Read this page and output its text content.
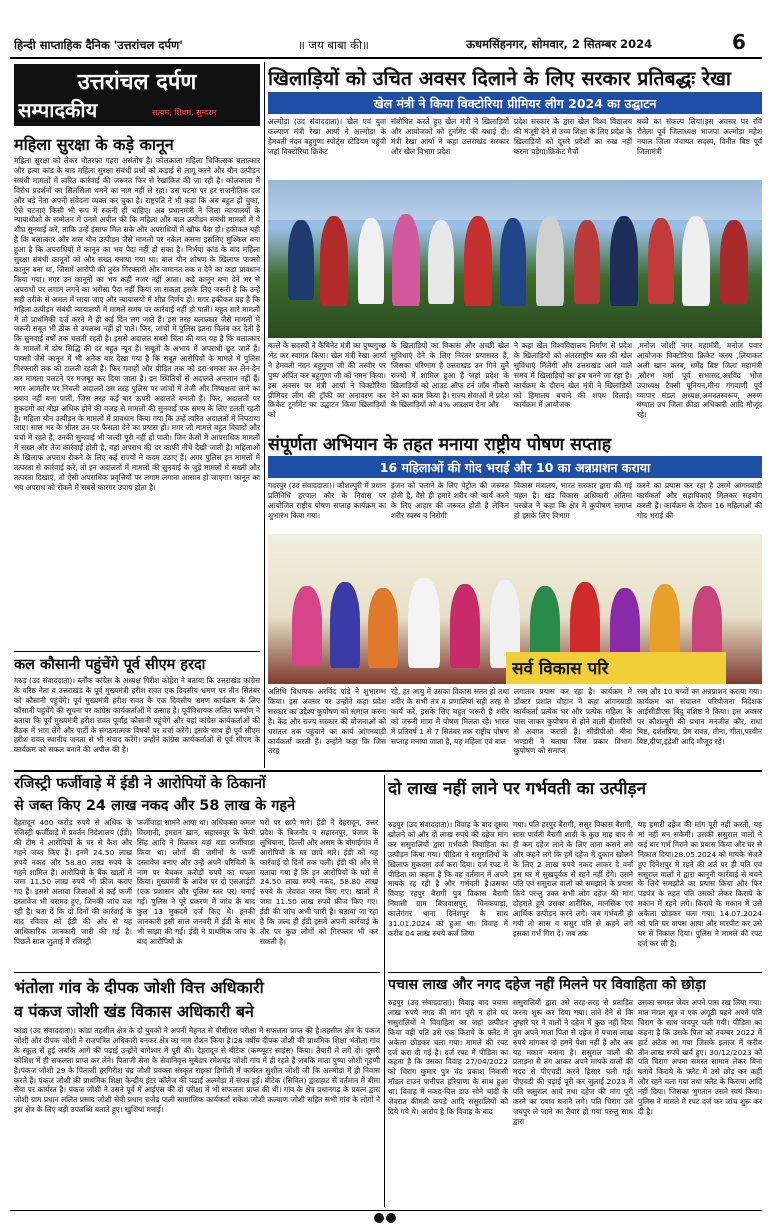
हिन्दी साप्ताहिक दैनिक 'उत्तरांचल दर्पण'	॥ जय बाबा की॥	ऊधमसिंहनगर, सोमवार, 2 सितम्बर 2024	6
उत्तरांचल दर्पण
सम्पादकीय	सत्यम, शिवम, सुन्दरम
महिला सुरक्षा के कड़े कानून
महिला सुरक्षा को लेकर चौतरफा गहरा असंतोष है। कोलकाता महिला चिकित्सक बलात्कार और हत्या कांड के बाद महिला सुरक्षा संबंधी प्रश्नों को कड़ाई से लागू करने और यौन उत्पीड़न संबंधी मामलों में त्वरित कार्रवाई की जरूरत फिर से रेखांकित की जा रही है। कोलकाता में विरोध प्रदर्शनों का सिलसिला थमने का नाम नहीं ले रहा। उस घटना पर हर राजनीतिक दल और बड़े नेता अपनी संवेदना व्यक्त कर चुका है। राष्ट्रपति ने भी कहा कि अब बहुत हो चुका, ऐसे घटनाएं किसी भी रूप में रुकनी ही चाहिए। अब प्रधानमंत्री ने जिला न्यायालयों के न्यायाधीशों के सम्मेलन में उनसे अपील की कि महिला और बाल उत्पीड़न संबंधी मामलों में वे शीघ्र सुनवाई करें, ताकि उन्हें इंसाफ मिल सके और अपराधियों में खौफ पैदा हो। हकीकत यही है कि बलात्कार और बाल यौन उत्पीड़न जैसे मामलों पर नकेल कसना इसलिए मुश्किल बना हुआ है कि अपराधियों में कानून का भय पैदा नहीं हो सका है। निर्भया कांड के बाद महिला सुरक्षा संबंधी कानूनों को और सख्त बनाया गया था। बाल यौन शोषण के खिलाफ पाक्सो कानून बना था, जिसमें आरोपी की तुरंत गिरफ्तारी और जमानत तक न देने का कड़ा प्रावधान किया गया। मगर उन कानूनों का भय कहीं नजर नहीं आता। कड़े कानून बना देने भर से अपराधों पर लगाम लगने का भरोसा पैदा नहीं किया जा सकता इसके लिए जरूरी है कि उन्हें सही तरीके से अमल में लाया जाए और न्यायालयों में शीघ्र निर्णय हो। मगर हकीकत यह है कि महिला उत्पीड़न संबंधी न्यायालयों में मामले समय पर कार्रवाई नहीं हो पाती। बहुत सारे मामलों में तो प्राथमिकी दर्ज करने में ही कई दिन लग जाते हैं। इस तरह बलात्कार जैसे मामलों में जरूरी सबूत भी ठीक से उपलब्ध नहीं हो पाते। फिर, जांचों में पुलिस इतना विलंब कर देती है कि सुनवाई वर्षों तक चलती रहती है। इससे अदालत सबसे चिंता की बात यह है कि बलात्कार के मामलों में दोष सिद्धि की दर बहुत न्यून है। सबूतों के अभाव में अपराधी छूट जाते हैं। पाक्सो जैसे कानून में भी अनेक बार देखा गया है कि सबूत आरोपियों के मामले में पुलिस गिरफ्तारी तक को टालती रहती है। फिर गवाहों और पीड़ित तक को डरा-धमका कर लेन-देन कर मामला पलटने पर मजबूर कर दिया जाता है। इन स्थितियों से अदालतें अनजान नहीं हैं। मगर आमतौर पर निचली अदालतें उस तरह पुलिस पर जांचों में तेजी और निष्पक्षता लाने का दबाव नहीं बना पातीं, जिस तरह कई बार ऊपरी अदालतें बनाती हैं। फिर, अदालतों पर मुकदमों का बोझ अधिक होने की वजह से मामलों की सुनवाई एक समय के लिए टलती रहती है। महिला यौन उत्पीड़न के मामलों में प्रावधान किया गया कि उन्हें त्वरित अदालतों में निपटाया जाए। साल भर के भीतर उन पर फैसला देने का प्रयास हो। मगर जो मामले बहुत विवादों और चर्चा में रहते हैं, उनकी सुनवाई भी जल्दी पूरी नहीं हो पाती। जिन केसों में आपराधिक मामलों में सख्त और तेज कार्रवाई होती है, वहां अपराध की दर काफी नीचे देखी जाती है। महिलाओं के खिलाफ अपराध रोकने के लिए कई राज्यों ने कदम उठाए हैं। अगर पुलिस इन मामलों में तत्परता से कार्रवाई करे, तो इन अदालतों में मामलों की सुनवाई के जुड़े मामलों में सख्ती और तत्परता दिखाएं, तो ऐसी अपराधिक प्रवृत्तियों पर लगाम लगाना आसान हो जाएगा। कानून का भय अपराध को रोकने में सबसे कारगर उपाय होता है।
खिलाड़ियों को उचित अवसर दिलाने के लिए सरकार प्रतिबद्धः रेखा
खेल मंत्री ने किया विक्टोरिया प्रीमियर लीग 2024 का उद्घाटन
अल्मोड़ा (उद संवाददाता)। खेल एवं युवा कल्याण मंत्री रेखा आर्या ने अल्मोड़ा के हेमवती नंदन बहुगुणा स्पोर्ट्स स्टेडियम पहुंची जहां विक्टोरिया क्रिकेट
संबोधित करते हुए खेल मंत्री ने खिलाड़ियों और आयोजकों को टूर्नामेंट की बधाई दी। मंत्री रेखा आर्या ने कहा उत्तराखंड सरकार और खेल विभाग प्रदेश
प्रदेश सरकार के द्वारा खेल विश्व विद्यालय की मंजूरी देने से उच्च शिक्षा के लिए प्रदेश के खिलाड़ियों को दूसरे प्रदेशों का रुख नहीं करना पड़ेगा।क्रिकेट मैचों
बच्चे का संकल्प लिया।इस अवसर पर रवि रौतेला पूर्व जिलाध्यक्ष भाजपा अल्मोड़ा महेश नयाल जिला पंचायत सदस्य, विनीत बिष्ट पूर्व जिलामंत्री
बल्ले के सदस्यों ने कैबिनेट मंत्री का पुष्पगुच्छ भेंट कर स्वागत किया। खेल मंत्री रेखा आर्या ने हेमवती नंदन बहुगुणा जी की तस्वीर पर पुष्प अर्पित कर बहुगुणा जी को नमन किया। इस अवसर पर मंत्री आर्या ने विक्टोरिया प्रीमियर लीग की ट्रॉफी का अनावरण कर क्रिकेट टूर्नामेंट का उद्घाटन किया खिलाड़ियों को
के खिलाड़ियों का विकास और अच्छी खेल सुविधाएं देने के लिए निरंतर प्रयासरत हैं, जिसका परिणाम है उत्तराखंड उन गिने चुने राज्यों में शामिल हुआ है जहां प्रदेश के खिलाड़ियों को आउट ऑफ टर्न जॉब नौकरी देने का काम किया है। राज्य सेवाओं में प्रदेश के खिलाड़ियों को 4% आरक्षण देना और
ने कहा खेल विश्वविद्यालय निर्माण से प्रदेश के खिलाड़ियों को अंतरराष्ट्रीय स्तर की खेल सुविधाएं मिलेंगी और उत्तराखंड आने वाले समय में खिलाड़ियों का हब बनने जा रहा है। कार्यक्रम के दौरान खेल मंत्री ने खिलाड़ियों को हिमालय बचाने की शपथ दिलाई। कार्यक्रम में आयोजक
,मनोज जोशी नगर महामंत्री, मनोज पवार आयोजक विक्टोरिया क्रिकेट क्लब ,लियाकत अली खान क्लब, धर्मेंद्र बिष्ट जिला महामंत्री ,सौरभ वर्मा पूर्व सभासद,अरविंद भोज उपाध्यक्ष टैक्सी यूनियन,मीना गंगवाणी पूर्व व्यापार मंडल अध्यक्ष,अमनतस्वरूप, अरुण बंग्वाल उप जिला क्रीडा अधिकारी आदि मौजूद रहे।
संपूर्णता अभियान के तहत मनाया राष्ट्रीय पोषण सप्ताह
16 महिलाओं की गोद भराई और 10 का अन्नप्राशन कराया
गदरपुर (उद संवाददाता)। कौशल्पुरी में प्रधान प्रतिनिधि हरपाल कौर के निवास पर आयोजित राष्ट्रीय पोषण सप्ताह कार्यक्रम का शुभारंभ किया गया।
इंजन को चलाने के लिए पेट्रोल की जरूरत होती है, वैसे ही हमारे शरीर को कार्य करने के लिए आहार की जरूरत होती है लेकिन शरीर स्वस्थ व निरोगी
विकास मंत्रालय, भारत सरकार द्वारा की गई पहल है। खंड विकास अधिकारी अंतिमा परखेज ने कहा कि क्षेत्र में कुपोषण समाप्त हो इसके लिए विभाग
करने का प्रयास कर रहा है उसमें आंगनबाड़ी कार्यकर्ता और सहायिकाएं मिलकर सहयोग करती हैं। कार्यक्रम के दौरान 16 महिलाओं की गोद भराई की
सर्व विकास परि
अतिथि विधायक अरविंद पांडे ने शुभारम्भ किया। इस अवसर पर उन्होंने कहा प्रदेश सरकार का उद्देश्य कुपोषण को समाप्त करना है। केंद्र और राज्य सरकार की योजनाओं को धरातल तक पहुंचाने का कार्य आंगनबाड़ी कार्यकर्ता करती हैं। उन्होंने कहा कि जिस तरह
रहे, हर आयु में उसका विकास सतत हो तथा शरीर के सभी तंत्र व प्रणालियां सही तरह से कार्य करें, इसके लिए बहुत जरूरी है शरीर को जरूरी मात्रा में पोषण मिलता रहे। भारत में प्रतिवर्ष 1 से 7 सितंबर तक राष्ट्रीय पोषण सप्ताह मनाया जाता है, यह महिला एवं बाल
लगातार प्रयास कर रहा है। कार्यक्रम में डॉक्टर प्रशांत चौहान ने कहा आंगनबाड़ी कार्यकर्ता प्रत्येक घर और प्रत्येक महिला के पास जाकर कुपोषण से होने वाली बीमारियों से अवगत कराती हैं। सीडीपीओ बीना भण्डारी ने बताया जिस प्रकार विभाग कुपोषण को समाप्त
रस्म और 10 बच्चों का अन्नप्राशन कराया गया। कार्यक्रम का संचालन परियोजना निदेशक आईसीडीएस बिंदु वशिष्ठ ने किया। इस अवसर पर कौशल्पुरी की प्रधान मनजीत कौर, राधा बिष्ट, दर्शनप्रिया, प्रेम रावत, मीना, गीता,परवीन बिष्ट,दीपा,इंद्रेशी आदि मौजूद रहे।
कल कौसानी पहुंचेंगे पूर्व सीएम हरदा
गरुड़ (उद संवाददाता)। ब्लॉक कांग्रेस के अध्यक्ष गिरीश कोहेरा ने बताया कि उत्तराखंड कांग्रेस के वरिष्ठ नेता व उत्तराखंड के पूर्व मुख्यमंत्री हरीश रावत एक दिवसीय भ्रमण पर तीन सितंबर को कौसानी पहुंचेंगे। पूर्व मुख्यमंत्री हरीश रावत के एक दिवसीय भ्रमण कार्यक्रम के लिए कौसानी पहुंचेंगे की सूचना पर कांग्रेस कार्यकर्ताओं में उत्साह है। पूर्वविधायक ललित फर्स्वाण ने बताया कि पूर्व मुख्यमंत्री हरीश रावत पूर्वाह्न कौसानी पहुंचेंगे और यहां कांग्रेस कार्यकर्ताओं की बैठक में भाग लेंगे और पार्टी के संगठनात्मक विषयों पर चर्चा करेंगे। इसके साथ ही पूर्व सीएम हरीश रावत स्थानीय जनता से भी संवाद करेंगे। उन्होंने कांग्रेस कार्यकर्ताओं से पूर्व सीएम के कार्यक्रम को सफल बनाने की अपील की है।
रजिस्ट्री फर्जीवाड़े में ईडी ने आरोपियों के ठिकानों
से जब्त किए 24 लाख नकद और 58 लाख के गहने
देहरादून 400 करोड़ रुपये से अधिक के रजिस्ट्री फर्जीवाड़े में प्रवर्तन निदेशालय (ईडी) की टीम ने आरोपियों के घर से कैश और गहने जब्त किए हैं। इनमें 24.50 लाख रुपये नकद और 58.80 लाख रुपये के गहने शामिल हैं। आरोपियों के बैंक खातों में जमा 11.50 लाख रुपये भी फ्रीज कराए गए हैं। इससे अलावा जिलाओं से कई फर्जी दस्तावेज भी बरामद हुए, जिनकी जांच चल रही है। बता दें कि दो दिनों की कार्रवाई के बाद रविवार को ईडी की ओर से यह आधिकारिक जानकारी जारी की गई है। पिछले साल जुलाई में रजिस्ट्री
फर्जीवाड़ा सामने आया था। अधिवक्ता कमल विरमानी, इमरान खान, सहारनपुर के केपी सिंह आदि ने मिलकर यहां बड़ा फर्जीवाड़ा किया था। लोगों की जमीनों के फर्जी दस्तावेज बनाए और उन्हें अपने परिचितों के नाम पर बेचकर करोड़ों रुपये का घपला किया। मुख्यमंत्री के आदेश पर दो एसआईटी (एक प्रशासन और पुलिस स्तर पर) बनाई गई। पुलिस ने पूरे प्रकरण में जांच के बाद कुल 13 मुकदमे दर्ज किए थे। इनकी जानकारी इसी साल जनवरी में ईडी के साथ भी साझा की गई। ईडी ने प्राथमिक जांच के बाद आरोपियों के
घरों पर छापे मारे। ईडी ने देहरादून, उत्तर प्रदेश के बिजनौर व सहारनपुर, पंजाब के लुधियाना, दिल्ली और असम के बोंगाईगांव में आरोपियों के घर छापे मारे। ईडी को यह कार्रवाई दो दिनों तक चली। ईडी की ओर से बताया गया है कि इन आरोपियों के घरों से 24.50 लाख रुपये नकद, 58.80 लाख रुपये के जेवरात जब्त किए गए। खातों में जमा 11.50 लाख रुपये फ्रीज किए गए। ईडी की जांच अभी जारी है। बताया जा रहा है कि जल्द ही ईडी इसमें अपनी कार्रवाई के तौर पर कुछ लोगों को गिरफ्तार भी कर सकती है।
दो लाख नहीं लाने पर गर्भवती का उत्पीड़न
रुद्रपुर (उद संवाददाता)। विवाह के बाद दूसरा खोलने को और दो लाख रुपये की दहेज मांग कर ससुरालियों द्वारा गर्भवती विवाहिता का उत्पीड़न किया गया। पीड़िता ने ससुरालियों के खिलाफ मुकदमा दर्ज करा दिया। दर्ज रपट में पीड़िता का कहना है कि वह वर्तमान में अपने मायके रह रही है और गर्भवती है।उसका विवाह रहपुर बैरागी पुत्र विकास बैरागी निवासी ग्राम बिजवासपुर, चिनकपाड़ा, कालेगंगर थाना दिनेशपुर के साथ 31.01.2024 को हुआ था। विवाह में करीब 04 लाख रुपये कर्ज लिया
गया। पति हरपुर बैरागी, ससुर विकास बैरागी, सास पार्वती बैरागी शादी के कुछ माह बाद से ही कम दहेज लाने के लिए ताना कसने लगे और कहने लगे कि हमें दहेज में दुकान खोलने के लिए 2 लाख रुपये नकद लाकर दे वर्ना इस घर में सुखपूर्वक से रहने नहीं देंगे। उसने पति एवं ससुराल वालों को समझाने के प्रयास किये परन्तु उक्त सभी लोग दहेज की मांग दोहराते हुये उसका शारीरिक, मानसिक एवं आर्थिक उत्पीड़न करने लगे। जब गर्भवती हो गयी तो सास व ससुर पति से कहने लगे इसका गर्भ गिरा दें। जब तक
यह हमारी दहेज की मांग पूरी नहीं करती, यह मां नहीं बन सकेगी। उसकी ससुराल वालों ने कई बार गर्भ गिराने का प्रयास किया और घर से निकाल दिया।28.05.2024 को मायके भेजते हुए दिनेशपुर में रहने की शर्त पर ही पति एवं ससुराल वालों ने द्वारा कानूनी कार्रवाई से बचने के लिये समझौते का प्रयास किया और फिर पड़पंत्र के तहत पति उसको लेकर किराये के मकान में रहने लगे। किराये के मकान में उसे अकेला छोड़कर चला गया। 14.07.2024 को पति घर वापस आया और मारपीट कर उसे घर से निकाल दिया। पुलिस ने मामले की रपट दर्ज कर ली है।
पचास लाख और नगद दहेज नहीं मिलने पर विवाहिता को छोड़ा
रुद्रपुर (उद संवाददाता)। विवाह बाद पचास लाख रुपये नगद की मांग पूरी न होने पर ससुरालियों ने विवाहिता का जहां उत्पीड़न किया वहीं पति उसे एक किराये के फ्लैट में अकेला छोड़कर चला गया। मामले की रपट दर्ज करा दी गई है। दर्ज रपट में पीड़िता का कहना है कि उसका विवाह 27/04/2022 को चिराग कुमार पुत्र चंद्र प्रकाश निवासी मॉडल टाउन पानीपत हरियाणा के साथ हुआ था। विवाह में नकद-पित्त डाउ सोने चांदी के जेवरात कीमती कपड़े आदि ससुरालियों को दिये गये थे। आरोप है कि विवाह के बाद
ससुरालियों द्वारा उसे तरह-तरह से प्रताड़ित करना शुरू कर दिया गया। ताने देने से कि तुम्हारे घर ने वालों ने दहेज में कुछ नहीं दिया तुम अपने माता पिता से दहेज में पचास लाख रुपये मांगकर दो हमने पेशा नहीं है और अब यह मकान बनाना है। ससुराल वालों की प्रताड़ना से तंग आकर अपने मायके वालों की मदद से पीएचडी करने हिसार चली गई। पीएचडी की पढ़ाई पूरी कर जुलाई 2023 में पति ससुराल आये तथा दहेज की मांग पूरी करने का दबाव बनाने लगे। पति चिराग उसे जयपुर ले जाने का तैयार हो गया परन्तु साथ द्वारा
उसका समस्त जेवर अपने पास रख लिया गया। मात मंगल सूत्र व एक अंगूठी पहने अपने पति चिराग के साथ जयपुर चली गयी। पीड़िता का कहना है कि उसके पिता को नवम्बर 2022 में हार्ट अटैक आ गया जिसके इलाज में करीब तीन लाख रुपये खर्च हुए। 30/12/2023 को पति चिराग अपना समस्त सामान लेकर बिना बताये किराये के फ्लैट में उसे छोड़ कर कहीं और रहने चला गया तथा फ्लैट के किराया आदि नहीं दिया। जिसका भुगतान उसने स्वयं किया। पुलिस ने मामले में रपट दर्ज कर जांच शुरू कर दी है।
भंतोला गांव के दीपक जोशी वित्त अधिकारी
व पंकज जोशी खंड विकास अधिकारी बने
कांडा (उद संवाददाता)। कांडा तहसील क्षेत्र के दो युवकों ने अपनी मेहनत से पीसीएस परीक्षा में सफलता प्राप्त की है।तहसील क्षेत्र के पंकज जोशी और दीपक जोशी ने राजपत्रित अधिकारी बनकर क्षेत्र का नाम रोशन किया है।28 वर्षीय दीपक जोशी की प्राथमिक शिक्षा भंतोला गांव के स्कूल से हुई जबकि आगे की पढ़ाई उन्होंने बागेश्वर में पूरी की। देहरादून से बीटेक (कम्प्यूटर साइंस) किया। तैयारी में लगे दो। दूसरी कोशिश में ही सफलता प्राप्त कर लेने। पिताजी सेना के सेवानिवृत्त सूबेदार रमेशचंद्र जोशी गांव में ही रहते हैं जबकि माता पुष्पा जोशी गृहणी है।पंकज जोशी 29 के पिताजी हरगिरीश चंद्र जोशी प्रवक्ता संस्कृत राइका डिगोली में कार्यरत सुशील जोशी जी कि अल्मोड़ा में ही निवास करते हैं। पंकज जोशी की प्राथमिक शिक्षा केन्द्रीय इंटर कॉलेज की पढ़ाई अल्मोड़ा में संपन्न हुई। बीटेक (सिविल) द्वाराहाट से वर्तमान में बीमा सेवा पर कार्यरत है। पंकज जोशी ने उसने पूर्व में आईएस की दो परीक्षा में भी सफलता प्राप्त की थी। गांव के क्षेत्र प्रधानगढ़ के प्रयत्न द्वारा जोशी ग्राम प्रधान ललित प्रसाद जोशी सेवी प्रधान राजेंद्र पाली सामाजिक कार्यकर्ता राकेश जोशी कल्याण जोशी सहित सभी गांव के लोगों ने इस क्षेत्र के लिए बड़ी उपलब्धि बताते हुए। खुशियां मनाई।
